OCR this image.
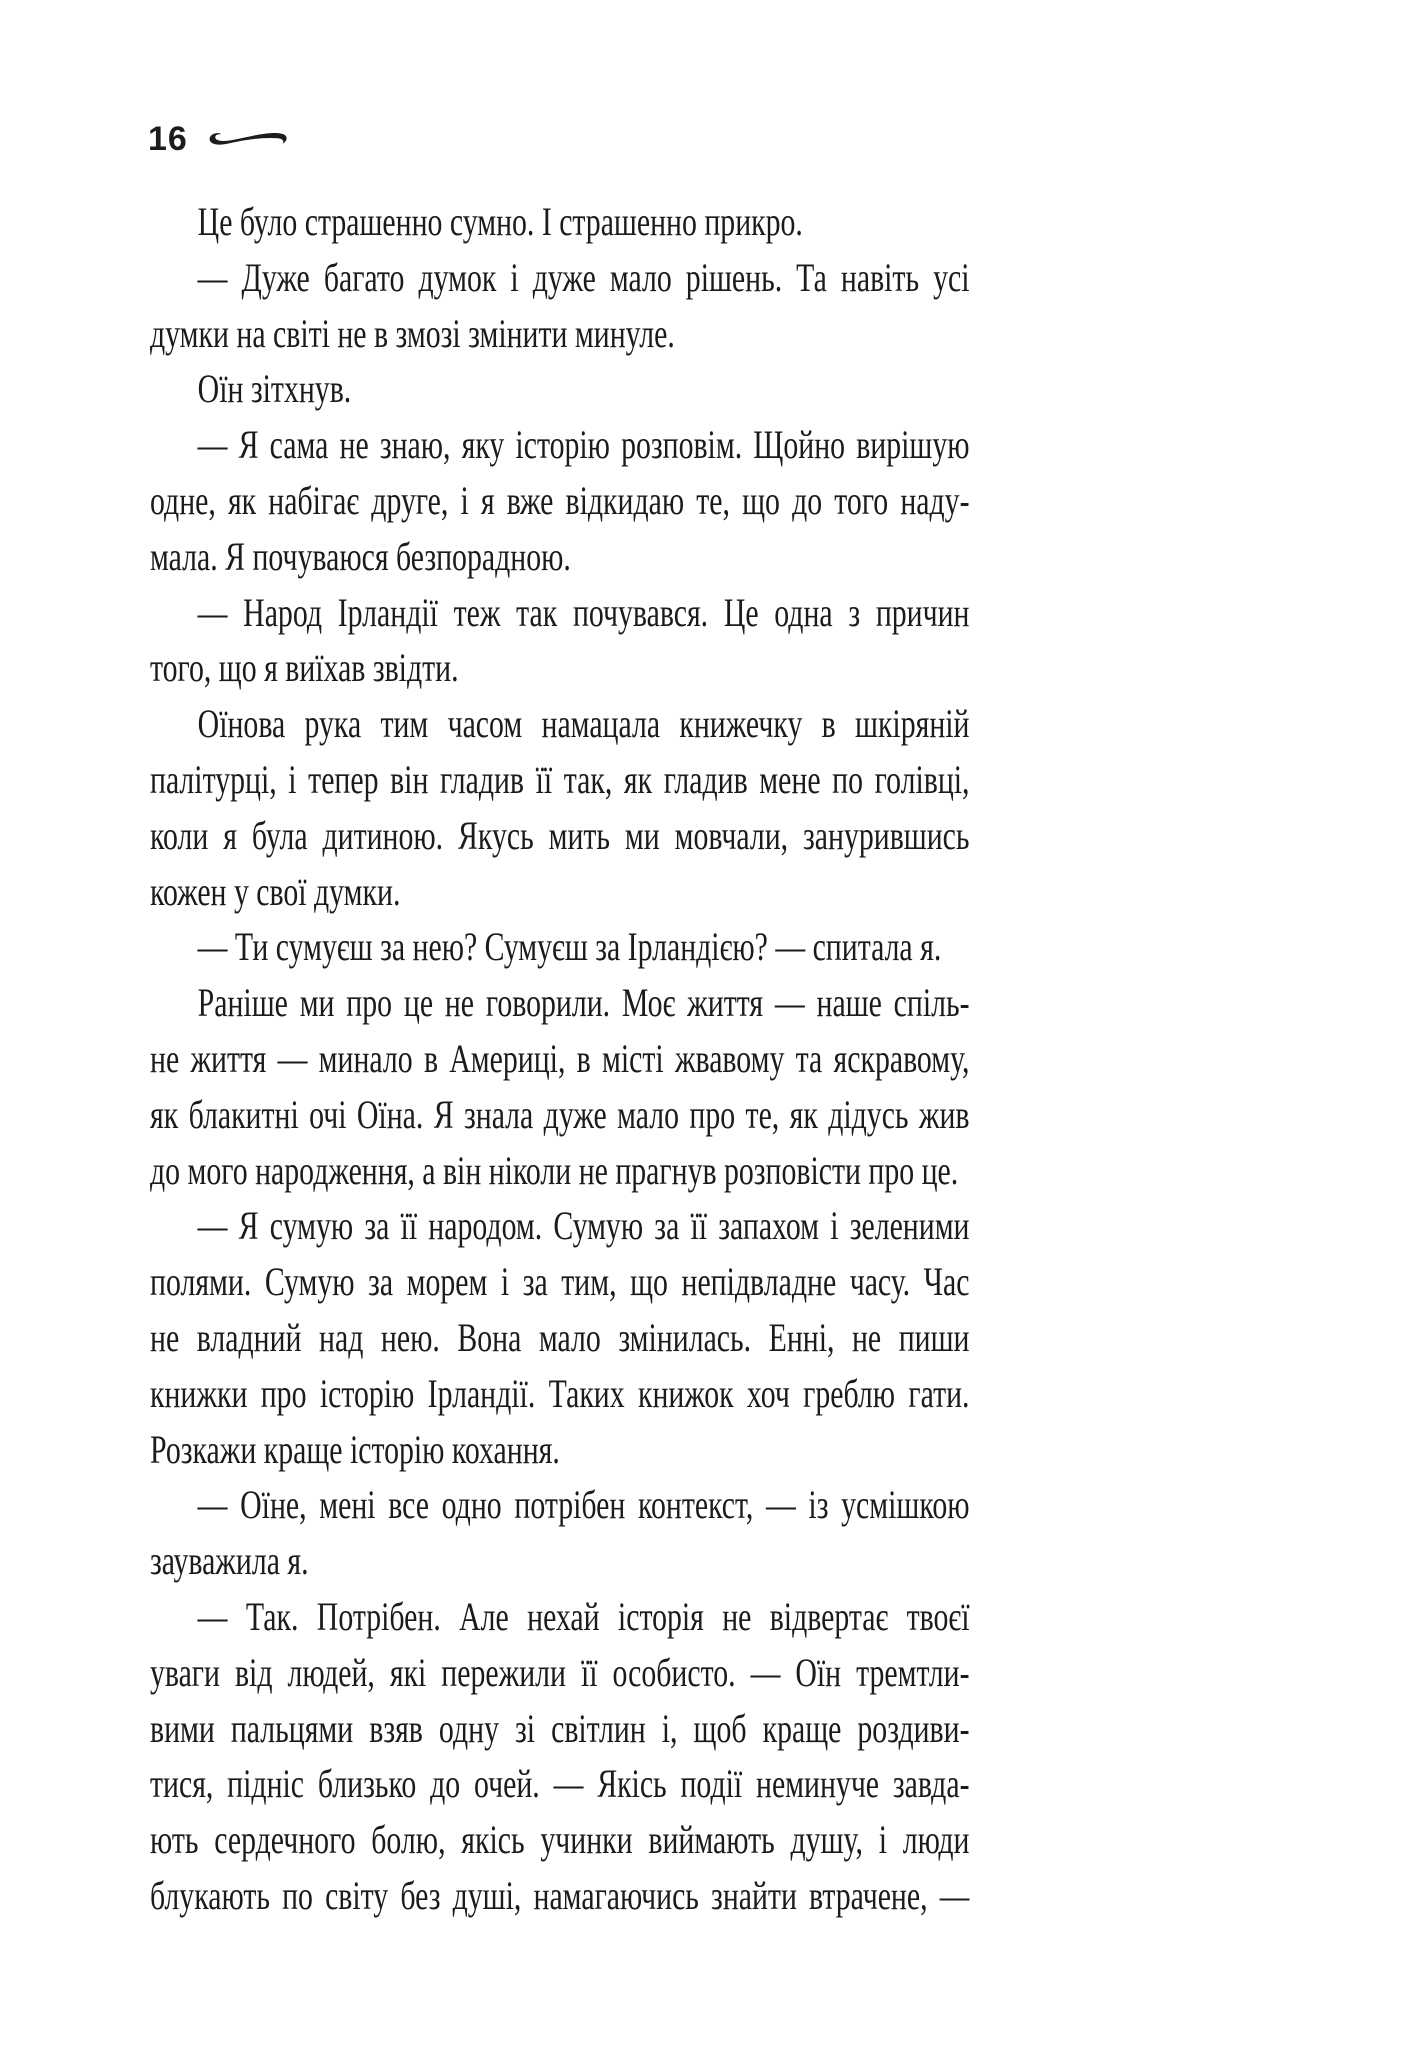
16
Це було страшенно сумно. І страшенно прикро.
— Дуже багато думок і дуже мало рішень. Та навіть усі
думки на світі не в змозі змінити минуле.
Оїн зітхнув.
— Я сама не знаю, яку історію розповім. Щойно вирішую
одне, як набігає друге, і я вже відкидаю те, що до того наду-
мала. Я почуваюся безпорадною.
— Народ Ірландії теж так почувався. Це одна з причин
того, що я виїхав звідти.
Оїнова рука тим часом намацала книжечку в шкіряній
палітурці, і тепер він гладив її так, як гладив мене по голівці,
коли я була дитиною. Якусь мить ми мовчали, занурившись
кожен у свої думки.
— Ти сумуєш за нею? Сумуєш за Ірландією? — спитала я.
Раніше ми про це не говорили. Моє життя — наше спіль-
не життя — минало в Америці, в місті жвавому та яскравому,
як блакитні очі Оїна. Я знала дуже мало про те, як дідусь жив
до мого народження, а він ніколи не прагнув розповісти про це.
— Я сумую за її народом. Сумую за її запахом і зеленими
полями. Сумую за морем і за тим, що непідвладне часу. Час
не владний над нею. Вона мало змінилась. Енні, не пиши
книжки про історію Ірландії. Таких книжок хоч греблю гати.
Розкажи краще історію кохання.
— Оїне, мені все одно потрібен контекст, — із усмішкою
зауважила я.
— Так. Потрібен. Але нехай історія не відвертає твоєї
уваги від людей, які пережили її особисто. — Оїн тремтли-
вими пальцями взяв одну зі світлин і, щоб краще роздиви-
тися, підніс близько до очей. — Якісь події неминуче завда-
ють сердечного болю, якісь учинки виймають душу, і люди
блукають по світу без душі, намагаючись знайти втрачене, —
